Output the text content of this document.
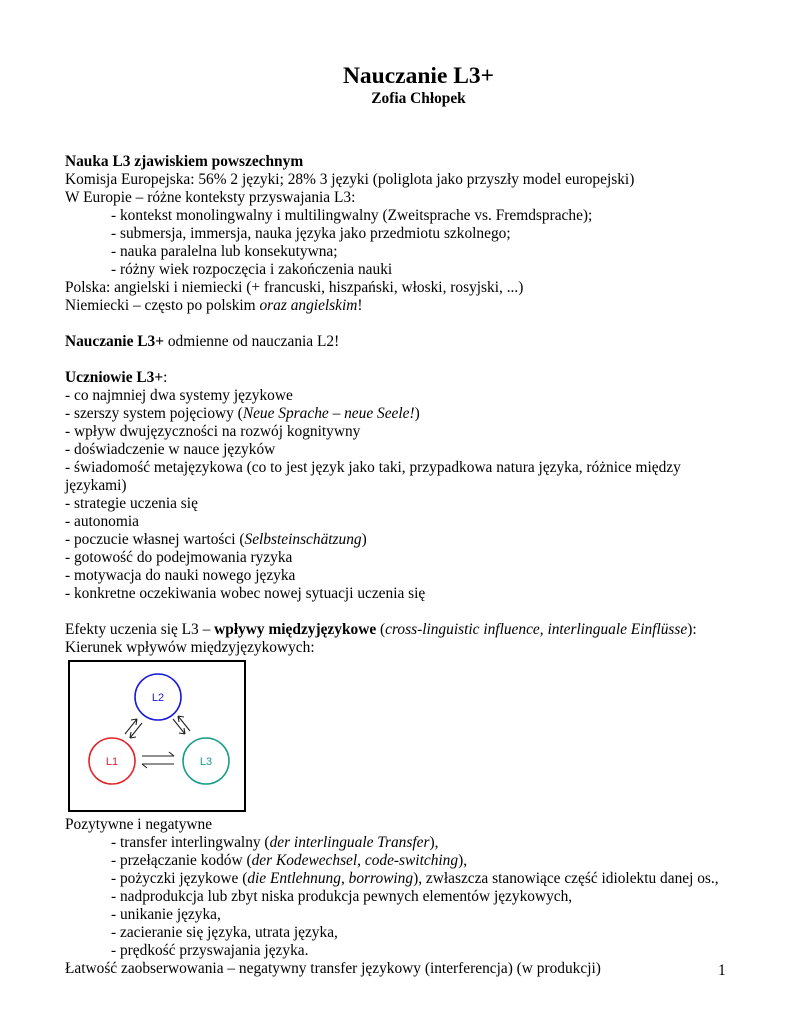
Nauczanie L3+

Zofia Chłopek

Nauka L3 zjawiskiem powszechnym

Komisja Europejska: 56% 2 języki; 28% 3 języki (poliglota jako przyszły model europejski)

W Europie – różne konteksty przyswajania L3:

- kontekst monolingwalny i multilingwalny (Zweitsprache vs. Fremdsprache);
- submersja, immersja, nauka języka jako przedmiotu szkolnego;
- nauka paralelna lub konsekutywna;
- różny wiek rozpoczęcia i zakończenia nauki

Polska: angielski i niemiecki (+ francuski, hiszpański, włoski, rosyjski, ...)

Niemiecki – często po polskim oraz angielskim!

Nauczanie L3+ odmienne od nauczania L2!

Uczniowie L3+:

- co najmniej dwa systemy językowe
- szerszy system pojęciowy (Neue Sprache – neue Seele!)
- wpływ dwujęzyczności na rozwój kognitywny
- doświadczenie w nauce języków
- świadomość metajęzykowa (co to jest język jako taki, przypadkowa natura języka, różnice między językami)
- strategie uczenia się
- autonomia
- poczucie własnej wartości (Selbsteinschätzung)
- gotowość do podejmowania ryzyka
- motywacja do nauki nowego języka
- konkretne oczekiwania wobec nowej sytuacji uczenia się

Efekty uczenia się L3 – wpływy międzyjęzykowe (cross-linguistic influence, interlinguale Einflüsse):

Kierunek wpływów międzyjęzykowych:

L2
L1	L3

Pozytywne i negatywne

- transfer interlingwalny (der interlinguale Transfer),
- przełączanie kodów (der Kodewechsel, code-switching),
- pożyczki językowe (die Entlehnung, borrowing), zwłaszcza stanowiące część idiolektu danej os.,
- nadprodukcja lub zbyt niska produkcja pewnych elementów językowych,
- unikanie języka,
- zacieranie się języka, utrata języka,
- prędkość przyswajania języka.

Łatwość zaobserwowania – negatywny transfer językowy (interferencja) (w produkcji)	1
